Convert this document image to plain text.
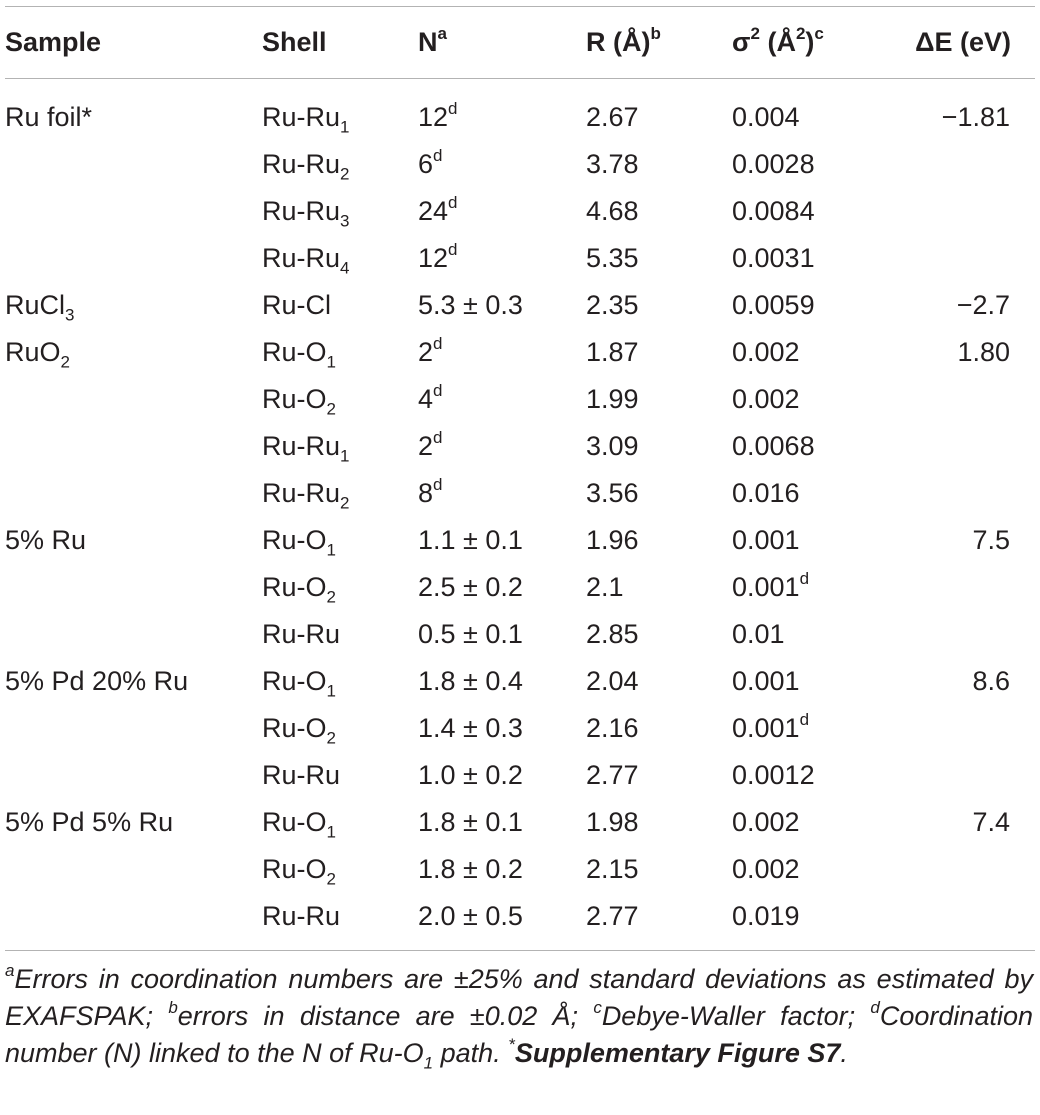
Sample	Shell	$N^a$	R (Å)$^b$	$\sigma^2$ $(Å^2)^c$	ΔE (eV)
Ru foil*	$Ru-Ru_1$	12$^d$	2.67	0.004	−1.81
	$Ru-Ru_2$	6$^d$	3.78	0.0028	
	$Ru-Ru_3$	24$^d$	4.68	0.0084	
	$Ru-Ru_4$	12$^d$	5.35	0.0031	
RuCl$_3$	Ru-Cl	5.3 ± 0.3	2.35	0.0059	−2.7
RuO$_2$	$Ru-O_1$	2$^d$	1.87	0.002	1.80
	$Ru-O_2$	4$^d$	1.99	0.002	
	$Ru-Ru_1$	2$^d$	3.09	0.0068	
	$Ru-Ru_2$	8$^d$	3.56	0.016	
5% Ru	$Ru-O_1$	1.1 ± 0.1	1.96	0.001	7.5
	$Ru-O_2$	2.5 ± 0.2	2.1	0.001$^d$	
	Ru-Ru	0.5 ± 0.1	2.85	0.01	
5% Pd 20% Ru	$Ru-O_1$	1.8 ± 0.4	2.04	0.001	8.6
	$Ru-O_2$	1.4 ± 0.3	2.16	0.001$^d$	
	Ru-Ru	1.0 ± 0.2	2.77	0.0012	
5% Pd 5% Ru	$Ru-O_1$	1.8 ± 0.1	1.98	0.002	7.4
	$Ru-O_2$	1.8 ± 0.2	2.15	0.002	
	Ru-Ru	2.0 ± 0.5	2.77	0.019	
$^a$Errors in coordination numbers are ±25% and standard deviations as estimated by EXAFSPAK; $^b$errors in distance are ±0.02 Å; $^c$Debye-Waller factor; $^d$Coordination number (N) linked to the N of $Ru-O_1$ path. *Supplementary Figure S7.
